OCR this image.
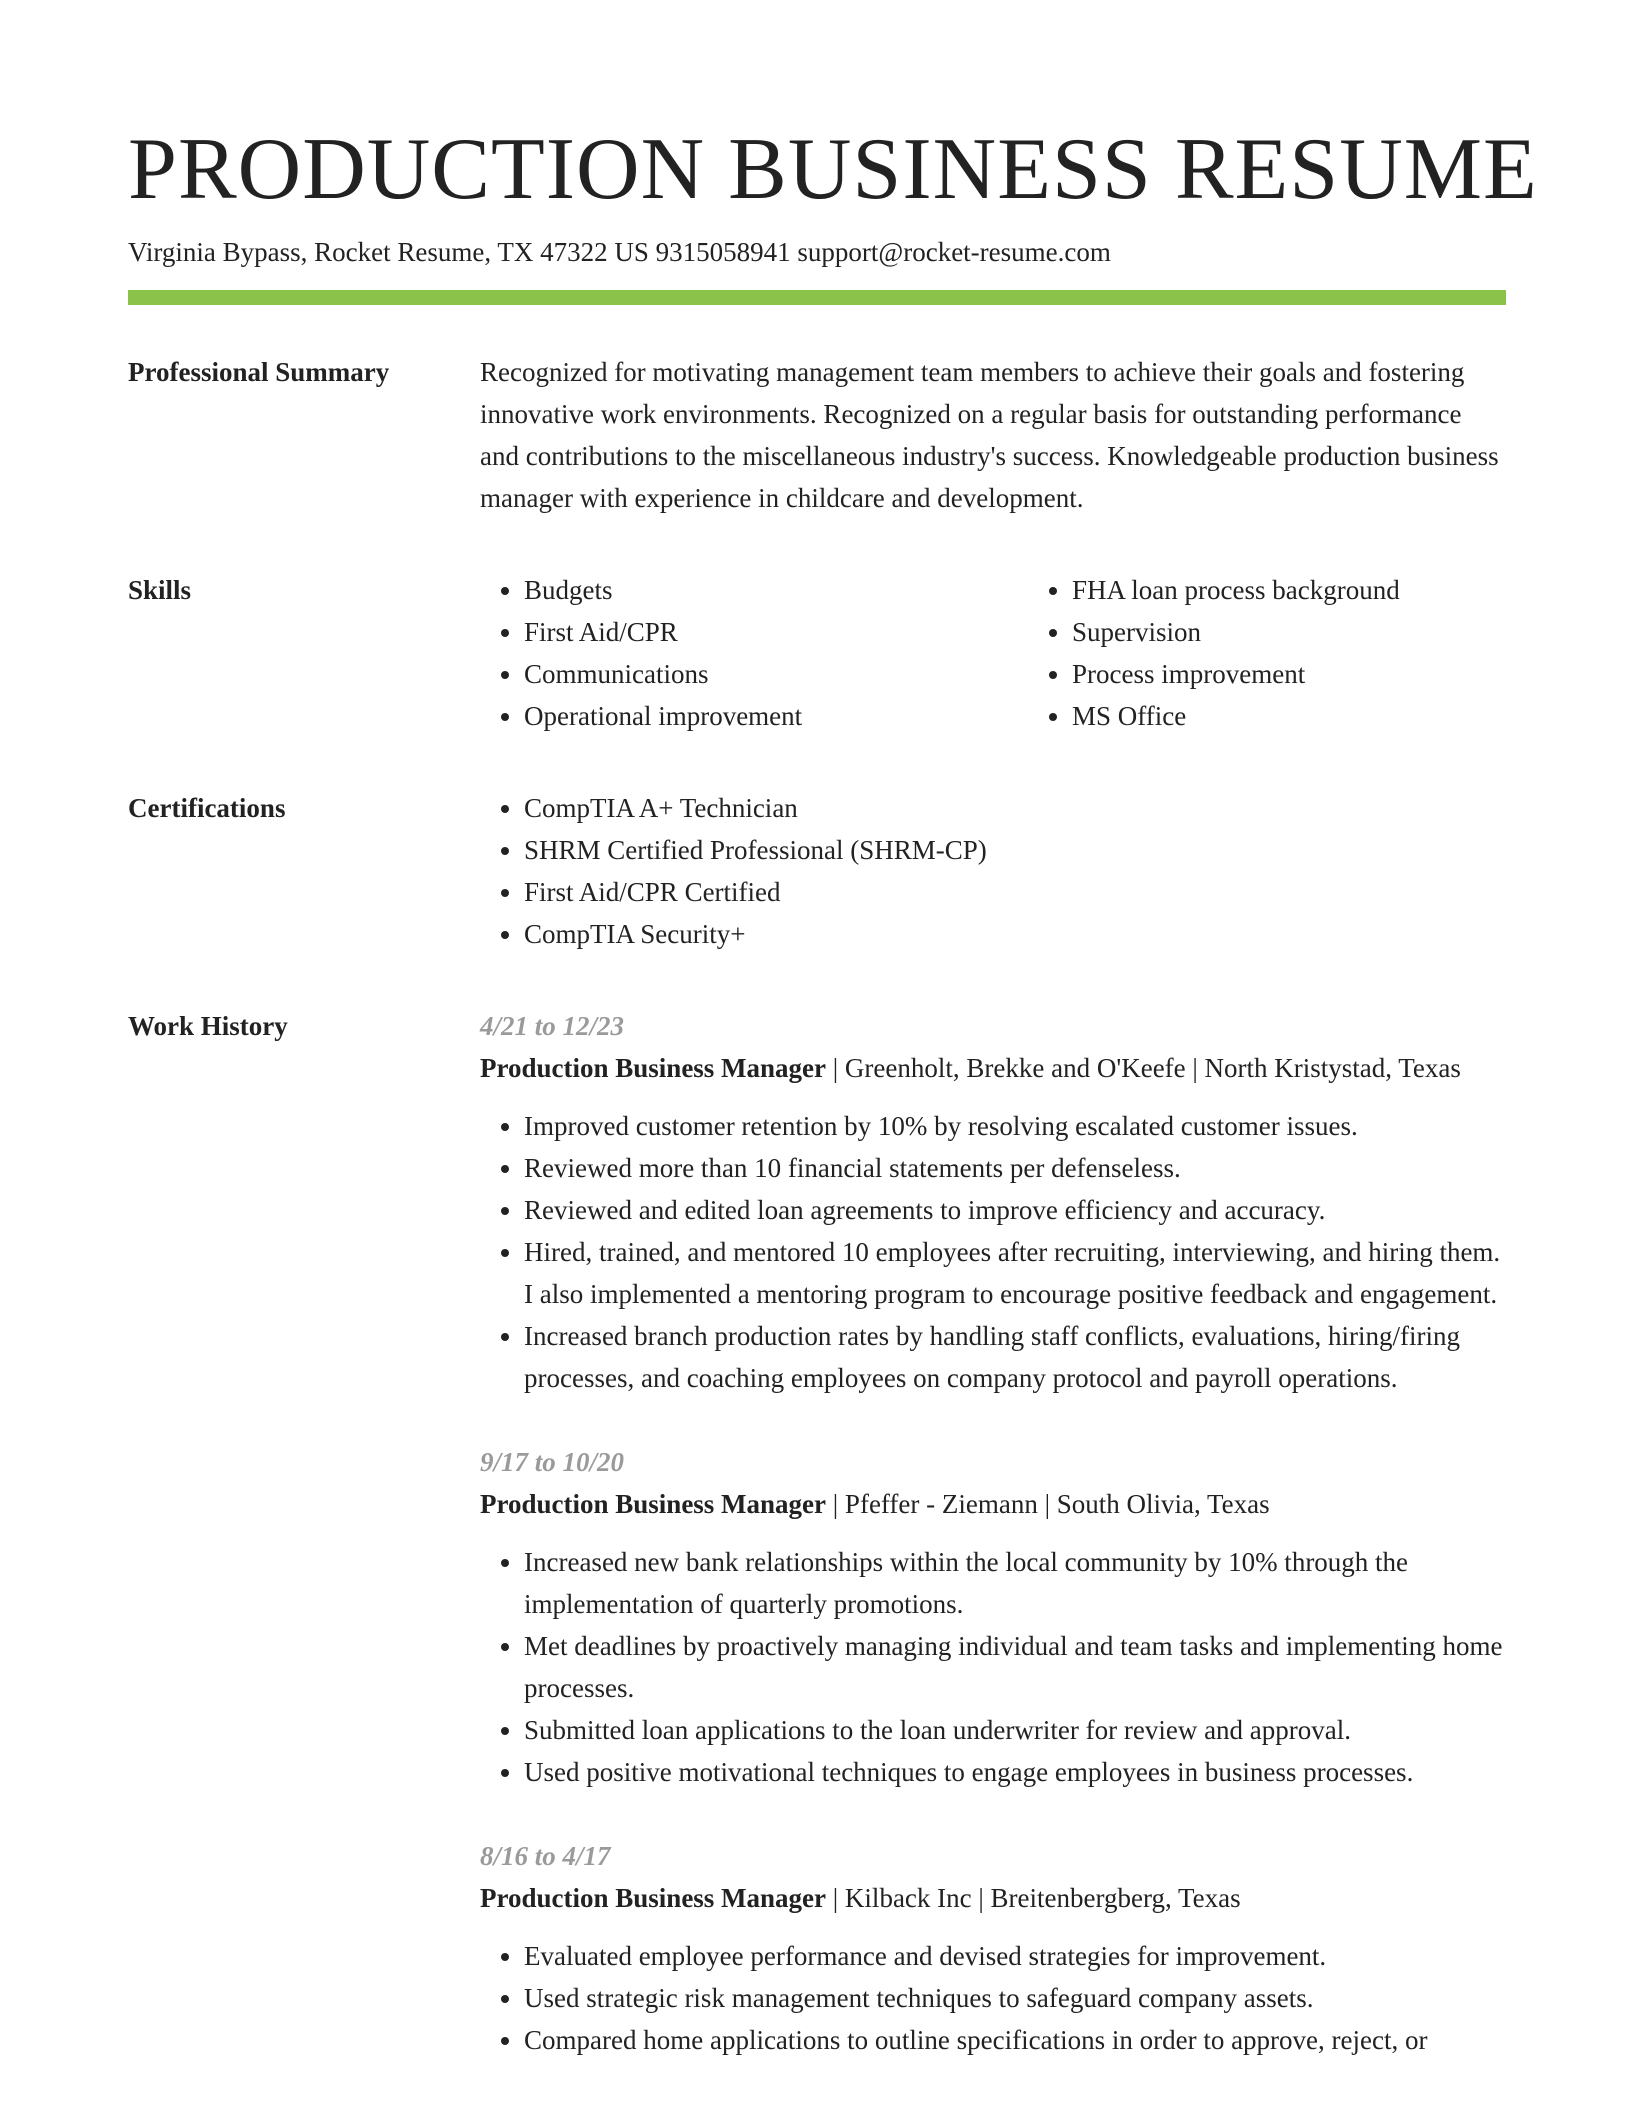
PRODUCTION BUSINESS RESUME
Virginia Bypass, Rocket Resume, TX 47322 US 9315058941 support@rocket-resume.com
Professional Summary	Recognized for motivating management team members to achieve their goals and fostering innovative work environments. Recognized on a regular basis for outstanding performance and contributions to the miscellaneous industry's success. Knowledgeable production business manager with experience in childcare and development.
Skills	• Budgets
• First Aid/CPR
• Communications
• Operational improvement
• FHA loan process background
• Supervision
• Process improvement
• MS Office
Certifications	• CompTIA A+ Technician
• SHRM Certified Professional (SHRM-CP)
• First Aid/CPR Certified
• CompTIA Security+
Work History	4/21 to 12/23
Production Business Manager | Greenholt, Brekke and O'Keefe | North Kristystad, Texas
• Improved customer retention by 10% by resolving escalated customer issues.
• Reviewed more than 10 financial statements per defenseless.
• Reviewed and edited loan agreements to improve efficiency and accuracy.
• Hired, trained, and mentored 10 employees after recruiting, interviewing, and hiring them. I also implemented a mentoring program to encourage positive feedback and engagement.
• Increased branch production rates by handling staff conflicts, evaluations, hiring/firing processes, and coaching employees on company protocol and payroll operations.
9/17 to 10/20
Production Business Manager | Pfeffer - Ziemann | South Olivia, Texas
• Increased new bank relationships within the local community by 10% through the implementation of quarterly promotions.
• Met deadlines by proactively managing individual and team tasks and implementing home processes.
• Submitted loan applications to the loan underwriter for review and approval.
• Used positive motivational techniques to engage employees in business processes.
8/16 to 4/17
Production Business Manager | Kilback Inc | Breitenbergberg, Texas
• Evaluated employee performance and devised strategies for improvement.
• Used strategic risk management techniques to safeguard company assets.
• Compared home applications to outline specifications in order to approve, reject, or
